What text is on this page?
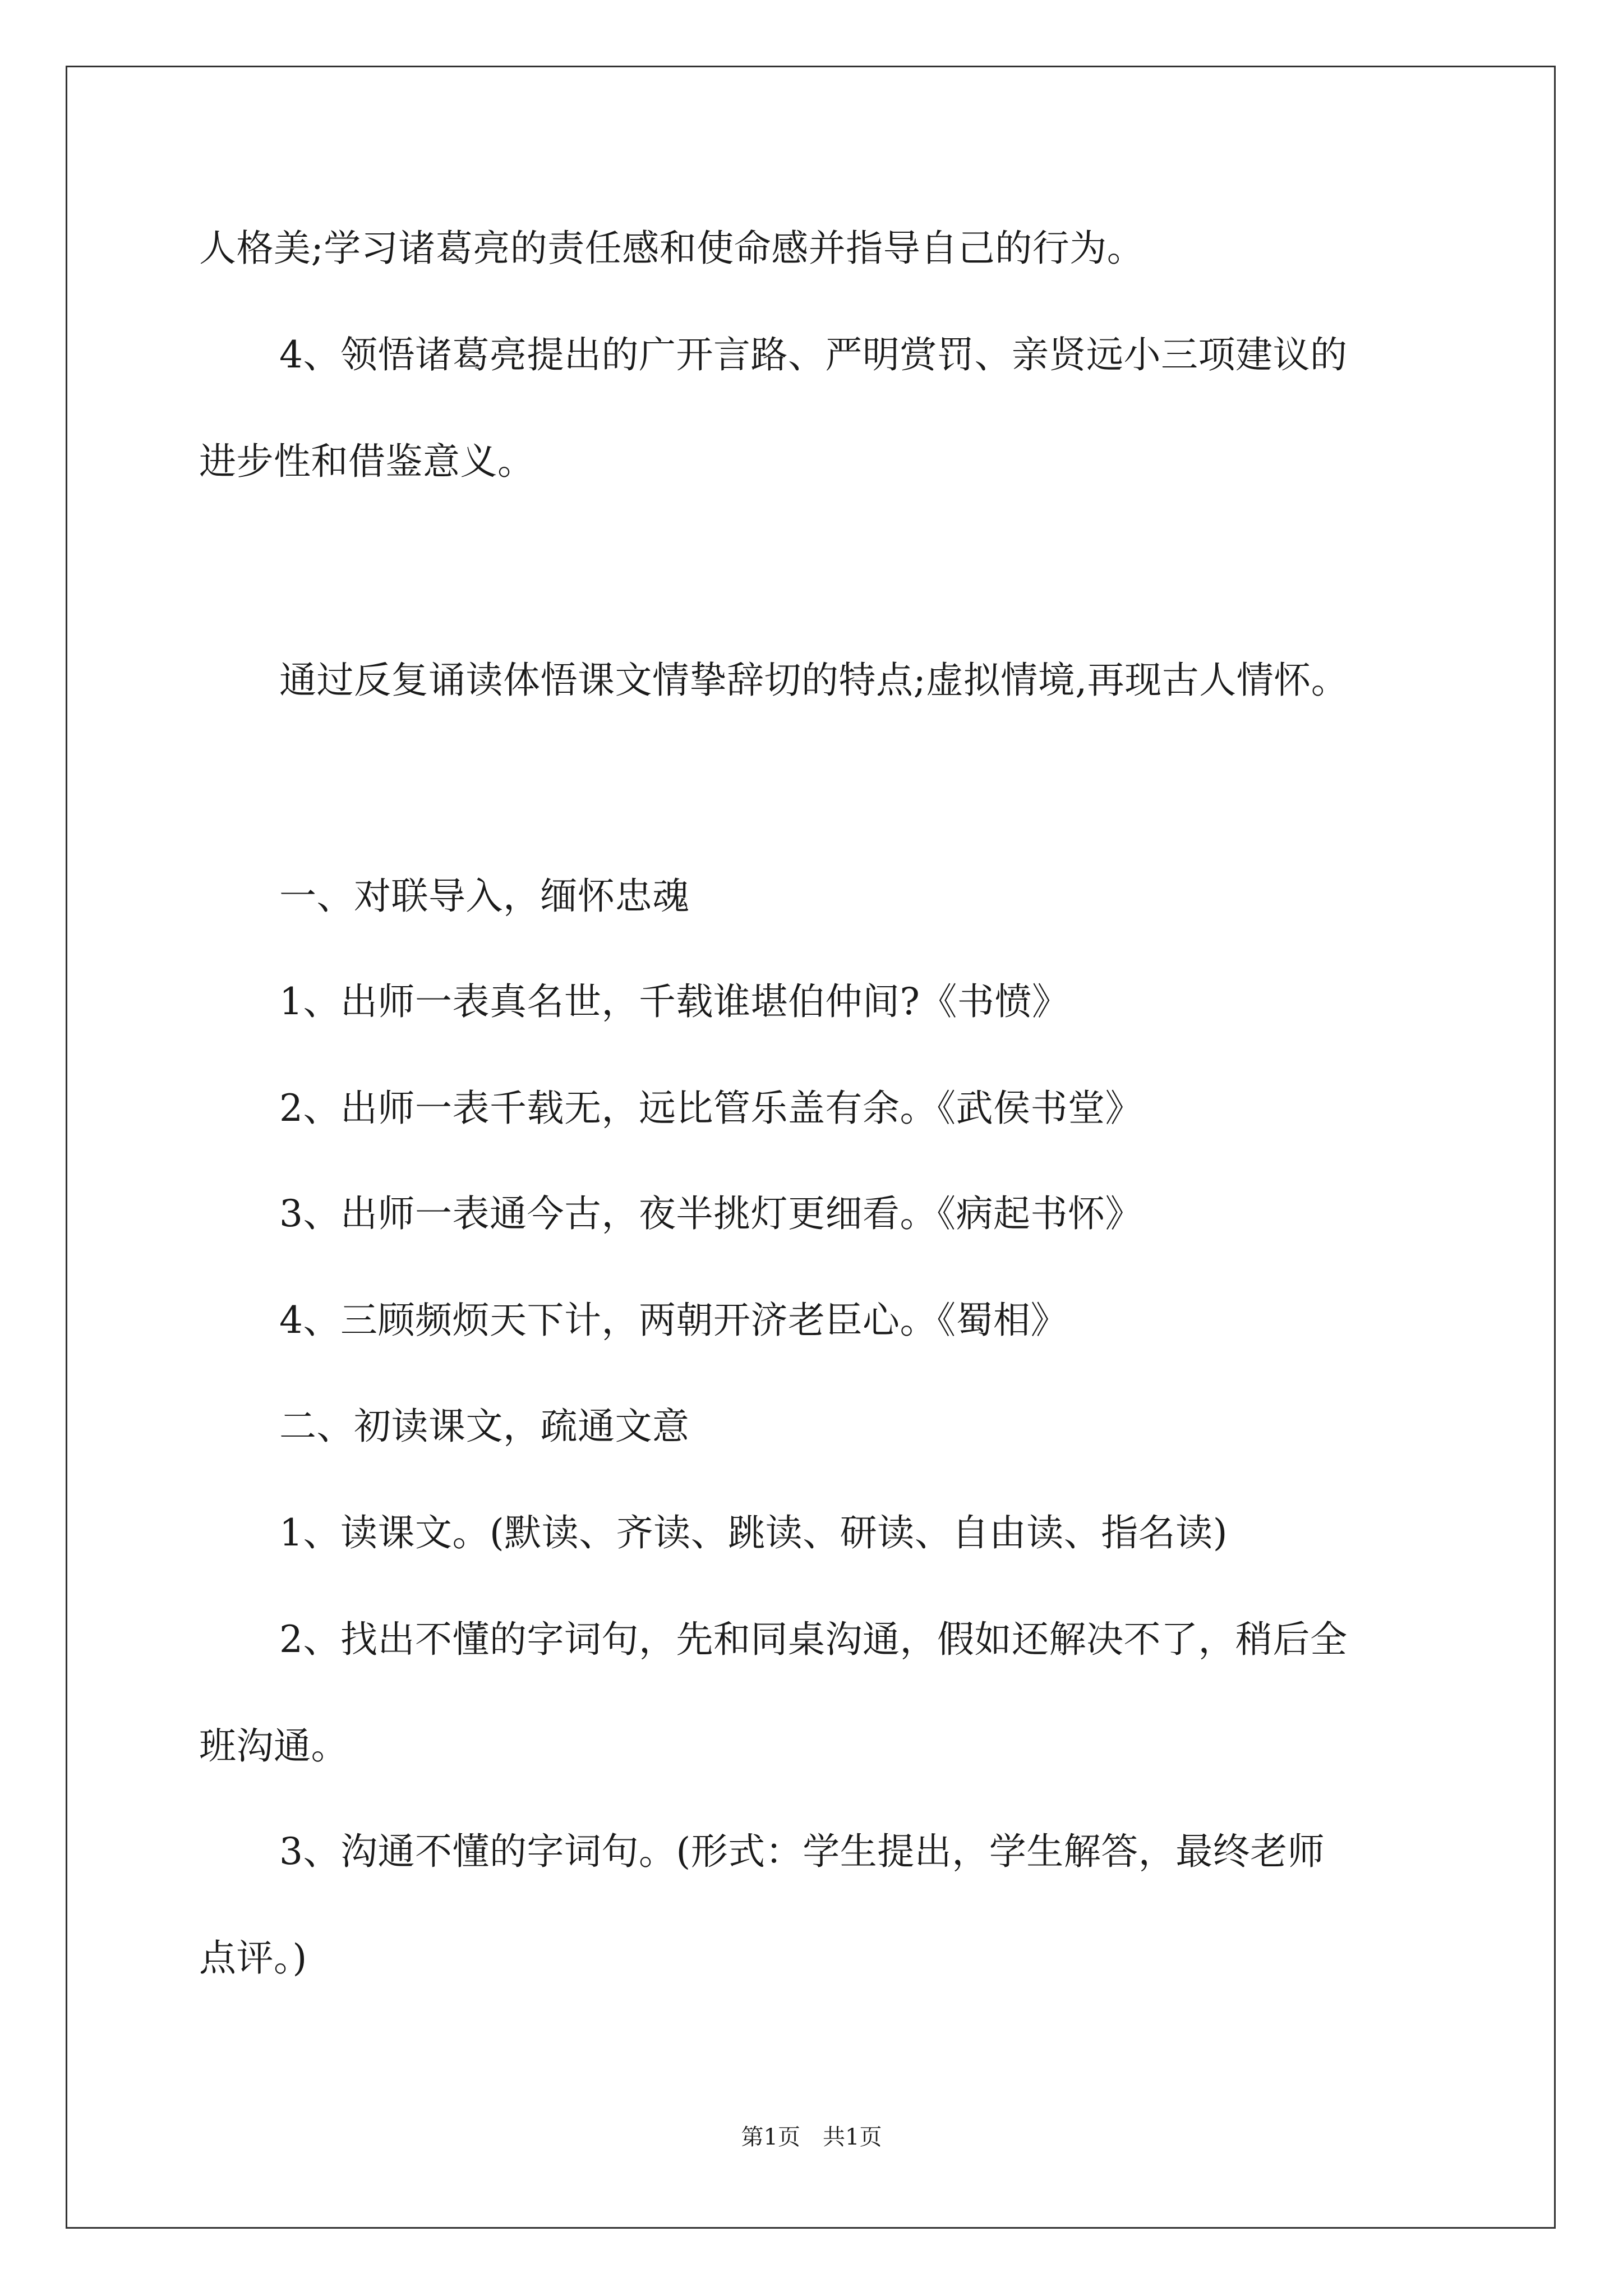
人格美;学习诸葛亮的责任感和使命感并指导自己的行为。
4、领悟诸葛亮提出的广开言路、严明赏罚、亲贤远小三项建议的
进步性和借鉴意义。
通过反复诵读体悟课文情挚辞切的特点;虚拟情境,再现古人情怀。
一、对联导入，缅怀忠魂
1、出师一表真名世，千载谁堪伯仲间?《书愤》
2、出师一表千载无，远比管乐盖有余。《武侯书堂》
3、出师一表通今古，夜半挑灯更细看。《病起书怀》
4、三顾频烦天下计，两朝开济老臣心。《蜀相》
二、初读课文，疏通文意
1、读课文。(默读、齐读、跳读、研读、自由读、指名读)
2、找出不懂的字词句，先和同桌沟通，假如还解决不了，稍后全
班沟通。
3、沟通不懂的字词句。(形式：学生提出，学生解答，最终老师
点评。)
第1页　共1页
